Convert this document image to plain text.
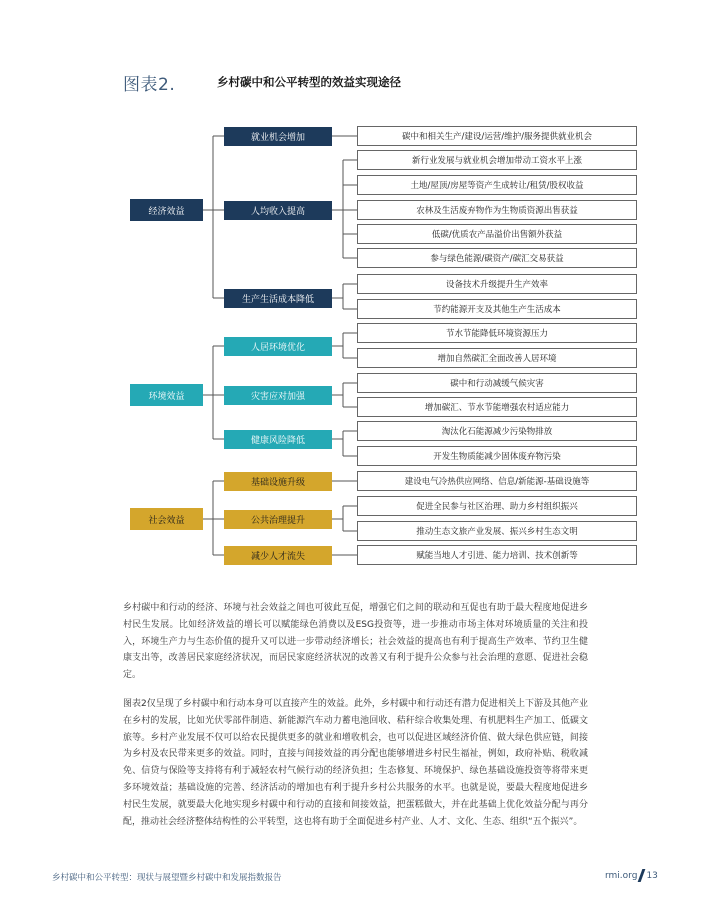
图表2.	乡村碳中和公平转型的效益实现途径
经济效益
环境效益
社会效益
就业机会增加
人均收入提高
生产生活成本降低
人居环境优化
灾害应对加强
健康风险降低
基础设施升级
公共治理提升
减少人才流失
碳中和相关生产/建设/运营/维护/服务提供就业机会
新行业发展与就业机会增加带动工资水平上涨
土地/屋顶/房屋等资产生成转让/租赁/股权收益
农林及生活废弃物作为生物质资源出售获益
低碳/优质农产品溢价出售额外获益
参与绿色能源/碳资产/碳汇交易获益
设备技术升级提升生产效率
节约能源开支及其他生产生活成本
节水节能降低环境资源压力
增加自然碳汇全面改善人居环境
碳中和行动减缓气候灾害
增加碳汇、节水节能增强农村适应能力
淘汰化石能源减少污染物排放
开发生物质能减少固体废弃物污染
建设电气冷热供应网络、信息/新能源-基础设施等
促进全民参与社区治理、助力乡村组织振兴
推动生态文旅产业发展、振兴乡村生态文明
赋能当地人才引进、能力培训、技术创新等
乡村碳中和行动的经济、环境与社会效益之间也可彼此互促，增强它们之间的联动和互促也有助于最大程度地促进乡村民生发展。比如经济效益的增长可以赋能绿色消费以及ESG投资等，进一步推动市场主体对环境质量的关注和投入，环境生产力与生态价值的提升又可以进一步带动经济增长；社会效益的提高也有利于提高生产效率、节约卫生健康支出等，改善居民家庭经济状况，而居民家庭经济状况的改善又有利于提升公众参与社会治理的意愿、促进社会稳定。
图表2仅呈现了乡村碳中和行动本身可以直接产生的效益。此外，乡村碳中和行动还有潜力促进相关上下游及其他产业在乡村的发展，比如光伏零部件制造、新能源汽车动力蓄电池回收、秸秆综合收集处理、有机肥料生产加工、低碳文旅等。乡村产业发展不仅可以给农民提供更多的就业和增收机会，也可以促进区域经济价值、做大绿色供应链，间接为乡村及农民带来更多的效益。同时，直接与间接效益的再分配也能够增进乡村民生福祉，例如，政府补贴、税收减免、信贷与保险等支持将有利于减轻农村气候行动的经济负担；生态修复、环境保护、绿色基础设施投资等将带来更多环境效益；基础设施的完善、经济活动的增加也有利于提升乡村公共服务的水平。也就是说，要最大程度地促进乡村民生发展，就要最大化地实现乡村碳中和行动的直接和间接效益，把蛋糕做大，并在此基础上优化效益分配与再分配，推动社会经济整体结构性的公平转型，这也将有助于全面促进乡村产业、人才、文化、生态、组织“五个振兴”。
乡村碳中和公平转型：现状与展望暨乡村碳中和发展指数报告	rmi.org 13
